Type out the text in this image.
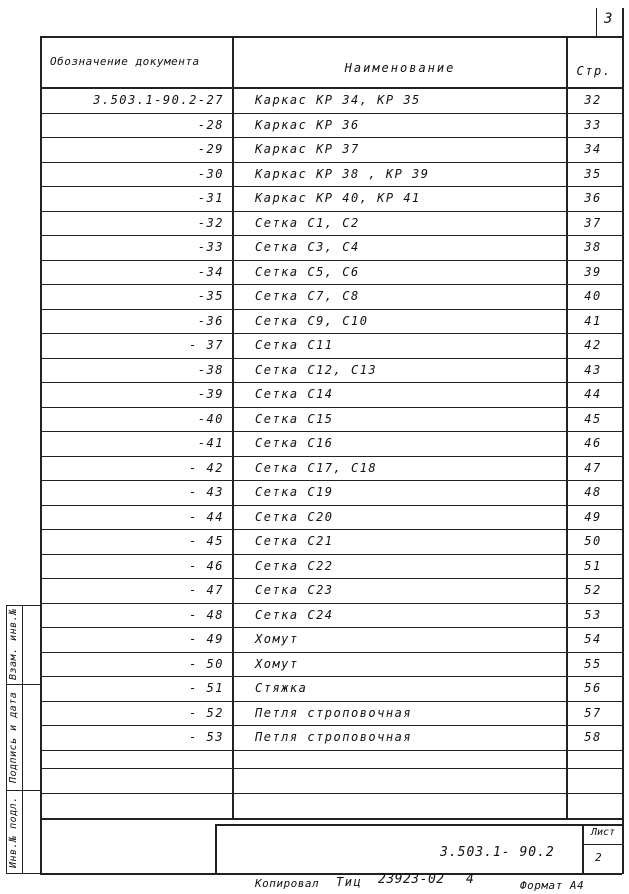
3
Обозначение документа	Наименование	Стр.
3.503.1-90.2-27	Каркас КР 34, КР 35	32
-28	Каркас КР 36	33
-29	Каркас КР 37	34
-30	Каркас КР 38 , КР 39	35
-31	Каркас КР 40, КР 41	36
-32	Сетка С1, С2	37
-33	Сетка С3, С4	38
-34	Сетка С5, С6	39
-35	Сетка С7, С8	40
-36	Сетка С9, С10	41
- 37	Сетка С11	42
-38	Сетка С12, С13	43
-39	Сетка С14	44
-40	Сетка С15	45
-41	Сетка С16	46
- 42	Сетка С17, С18	47
- 43	Сетка С19	48
- 44	Сетка С20	49
- 45	Сетка С21	50
- 46	Сетка С22	51
- 47	Сетка С23	52
- 48	Сетка С24	53
- 49	Хомут	54
- 50	Хомут	55
- 51	Стяжка	56
- 52	Петля строповочная	57
- 53	Петля строповочная	58
3.503.1- 90.2
Лист
2
Инв.№ подл.
Подпись и дата
Взам. инв.№
Копировал Тиц 23923-02 4	Формат А4
